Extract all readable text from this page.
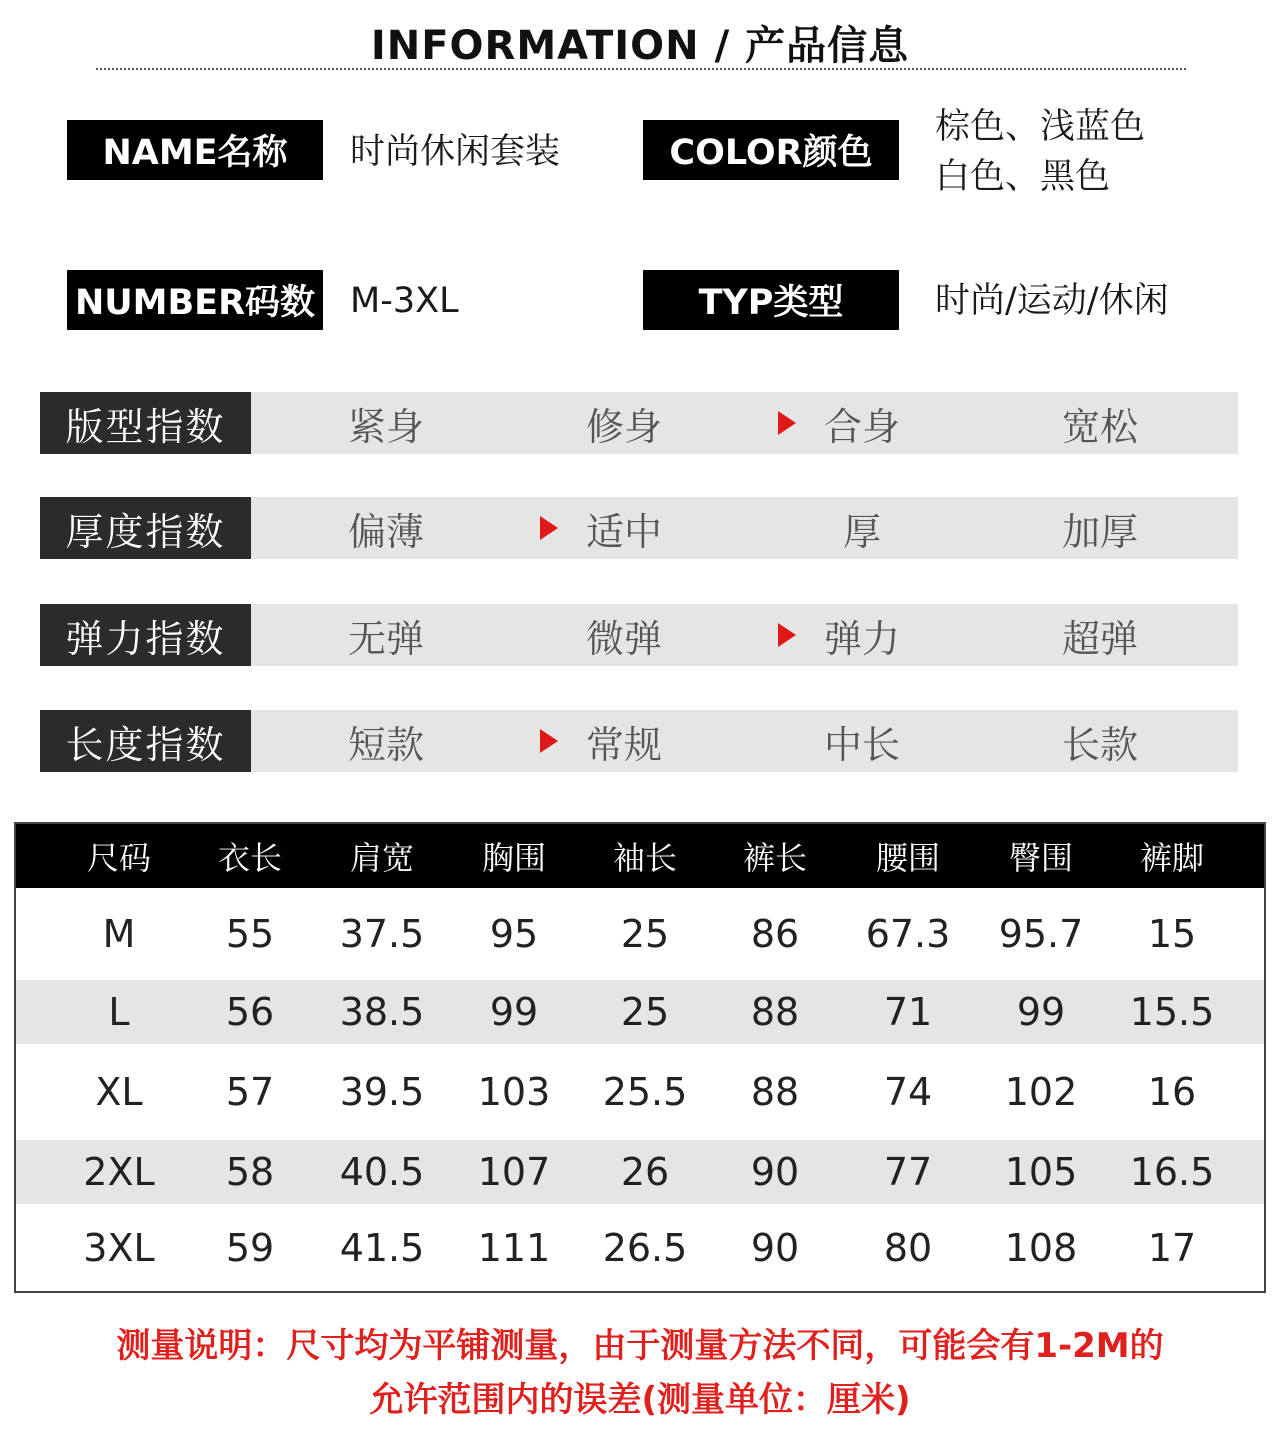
INFORMATION / 产品信息
NAME名称	时尚休闲套装	COLOR颜色
棕色、浅蓝色
白色、黑色
NUMBER码数 M-3XL	TYP类型	时尚/运动/休闲
版型指数	紧身	修身	合身	宽松
厚度指数	偏薄	适中	厚	加厚
弹力指数	无弹	微弹	弹力	超弹
长度指数	短款	常规	中长	长款
尺码	衣长	肩宽	胸围	袖长	裤长	腰围	臀围	裤脚
M	55	37.5	95	25	86	67.3	95.7	15
L	56	38.5	99	25	88	71	99	15.5
XL	57	39.5	103	25.5	88	74	102	16
2XL	58	40.5	107	26	90	77	105	16.5
3XL	59	41.5	111	26.5	90	80	108	17
测量说明：尺寸均为平铺测量，由于测量方法不同，可能会有1-2M的
允许范围内的误差(测量单位：厘米)
